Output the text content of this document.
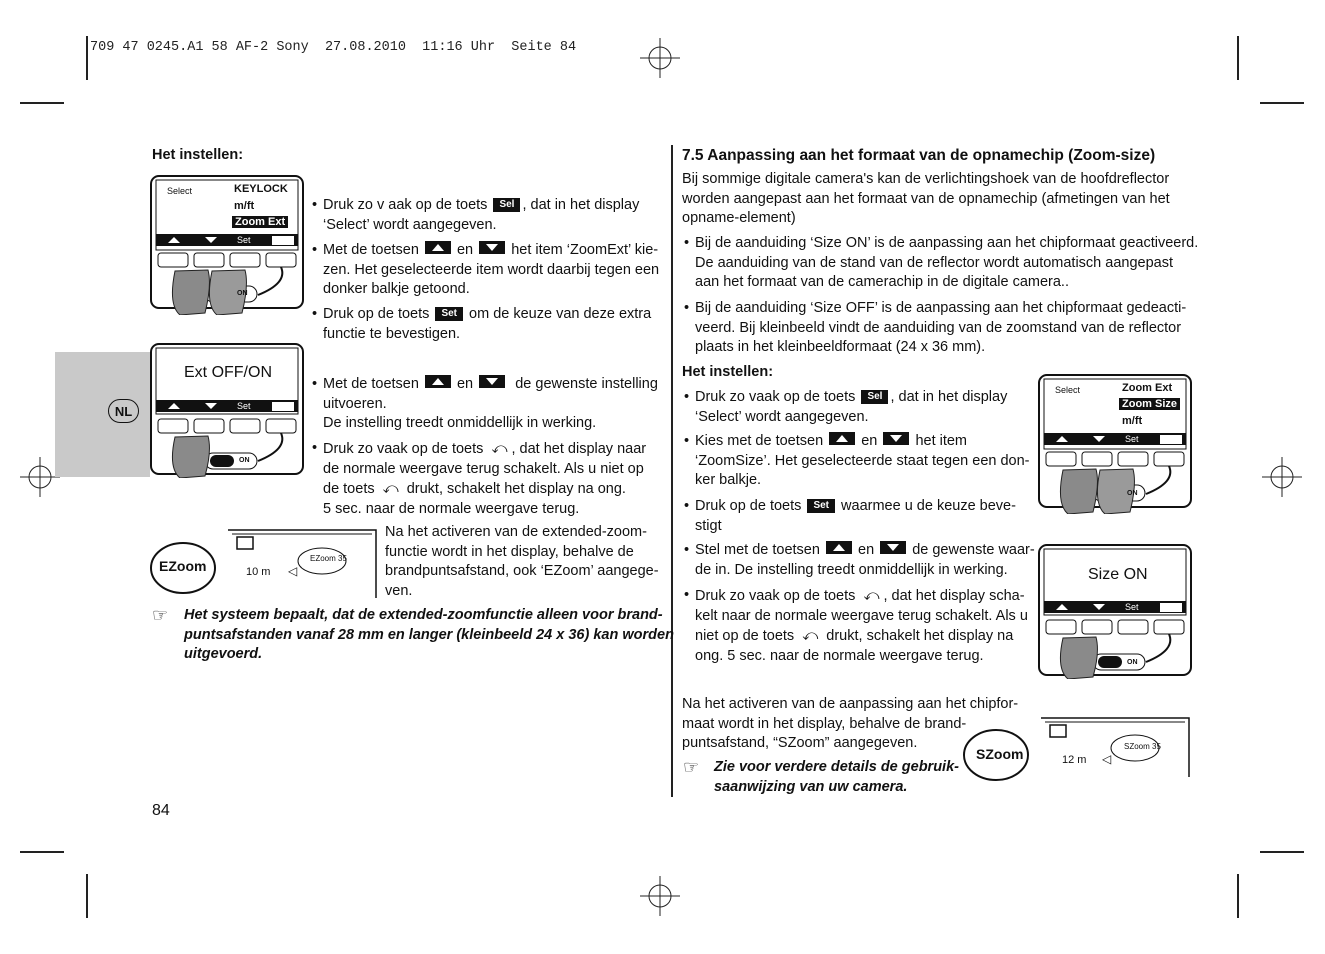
709 47 0245.A1 58 AF-2 Sony  27.08.2010  11:16 Uhr  Seite 84
NL
Het instellen:
Select	KEYLOCK
m/ft
Zoom Ext
Set
ON
• Druk zo v aak op de toets Sel , dat in het display
‘Select’ wordt aangegeven.
• Met de toetsen	en	het item ‘ZoomExt’ kie-
zen. Het geselecteerde item wordt daarbij tegen een
donker balkje getoond.
• Druk op de toets Set om de keuze van deze extra
functie te bevestigen.
Ext OFF/ON
Set
ON
• Met de toetsen	en	de gewenste instelling
uitvoeren.
De instelling treedt onmiddellijk in werking.
• Druk zo vaak op de toets ⤺ , dat het display naar
de normale weergave terug schakelt. Als u niet op
de toets ⤺ drukt, schakelt het display na ong.
5 sec. naar de normale weergave terug.
EZoom	EZoom 35
10 m ◁
Na het activeren van de extended-zoom-
functie wordt in het display, behalve de
brandpuntsafstand, ook ‘EZoom’ aangege-
ven.
☞ Het systeem bepaalt, dat de extended-zoomfunctie alleen voor brand-
puntsafstanden vanaf 28 mm en langer (kleinbeeld 24 x 36) kan worden
uitgevoerd.
84
7.5 Aanpassing aan het formaat van de opnamechip (Zoom-size)
Bij sommige digitale camera's kan de verlichtingshoek van de hoofdreflector
worden aangepast aan het formaat van de opnamechip (afmetingen van het
opname-element)
• Bij de aanduiding ‘Size ON’ is de aanpassing aan het chipformaat geactiveerd.
De aanduiding van de stand van de reflector wordt automatisch aangepast
aan het formaat van de camerachip in de digitale camera..
• Bij de aanduiding ‘Size OFF’ is de aanpassing aan het chipformaat gedeacti-
veerd. Bij kleinbeeld vindt de aanduiding van de zoomstand van de reflector
plaats in het kleinbeeldformaat (24 x 36 mm).
Het instellen:
• Druk zo vaak op de toets Sel , dat in het display
‘Select’ wordt aangegeven.
• Kies met de toetsen	en	het item
‘ZoomSize’. Het geselecteerde staat tegen een don-
ker balkje.
• Druk op de toets Set waarmee u de keuze beve-
stigt
• Stel met de toetsen	en	de gewenste waar-
de in. De instelling treedt onmiddellijk in werking.
• Druk zo vaak op de toets ⤺ , dat het display scha-
kelt naar de normale weergave terug schakelt. Als u
niet op de toets ⤺ drukt, schakelt het display na
ong. 5 sec. naar de normale weergave terug.
Select	Zoom Ext
Zoom Size
m/ft
Set
ON
Size ON
Set
ON
Na het activeren van de aanpassing aan het chipfor-
maat wordt in het display, behalve de brand-
puntsafstand, “SZoom” aangegeven.
☞ Zie voor verdere details de gebruik-
saanwijzing van uw camera.
SZoom	SZoom 35
12 m ◁
